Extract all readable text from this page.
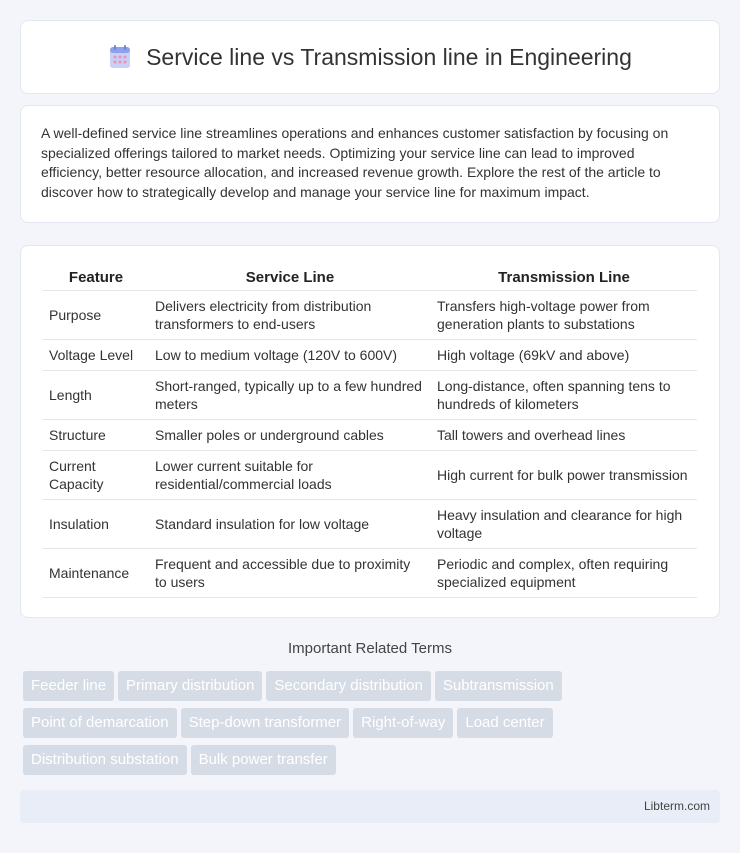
Service line vs Transmission line in Engineering

A well-defined service line streamlines operations and enhances customer satisfaction by focusing on specialized offerings tailored to market needs. Optimizing your service line can lead to improved efficiency, better resource allocation, and increased revenue growth. Explore the rest of the article to discover how to strategically develop and manage your service line for maximum impact.

Feature	Service Line	Transmission Line
Purpose	Delivers electricity from distribution transformers to end-users	Transfers high-voltage power from generation plants to substations
Voltage Level	Low to medium voltage (120V to 600V)	High voltage (69kV and above)
Length	Short-ranged, typically up to a few hundred meters	Long-distance, often spanning tens to hundreds of kilometers
Structure	Smaller poles or underground cables	Tall towers and overhead lines
Current Capacity	Lower current suitable for residential/commercial loads	High current for bulk power transmission
Insulation	Standard insulation for low voltage	Heavy insulation and clearance for high voltage
Maintenance	Frequent and accessible due to proximity to users	Periodic and complex, often requiring specialized equipment
Important Related Terms
Feeder line Primary distribution Secondary distribution Subtransmission
Point of demarcation Step-down transformer Right-of-way Load center
Distribution substation Bulk power transfer
Libterm.com
